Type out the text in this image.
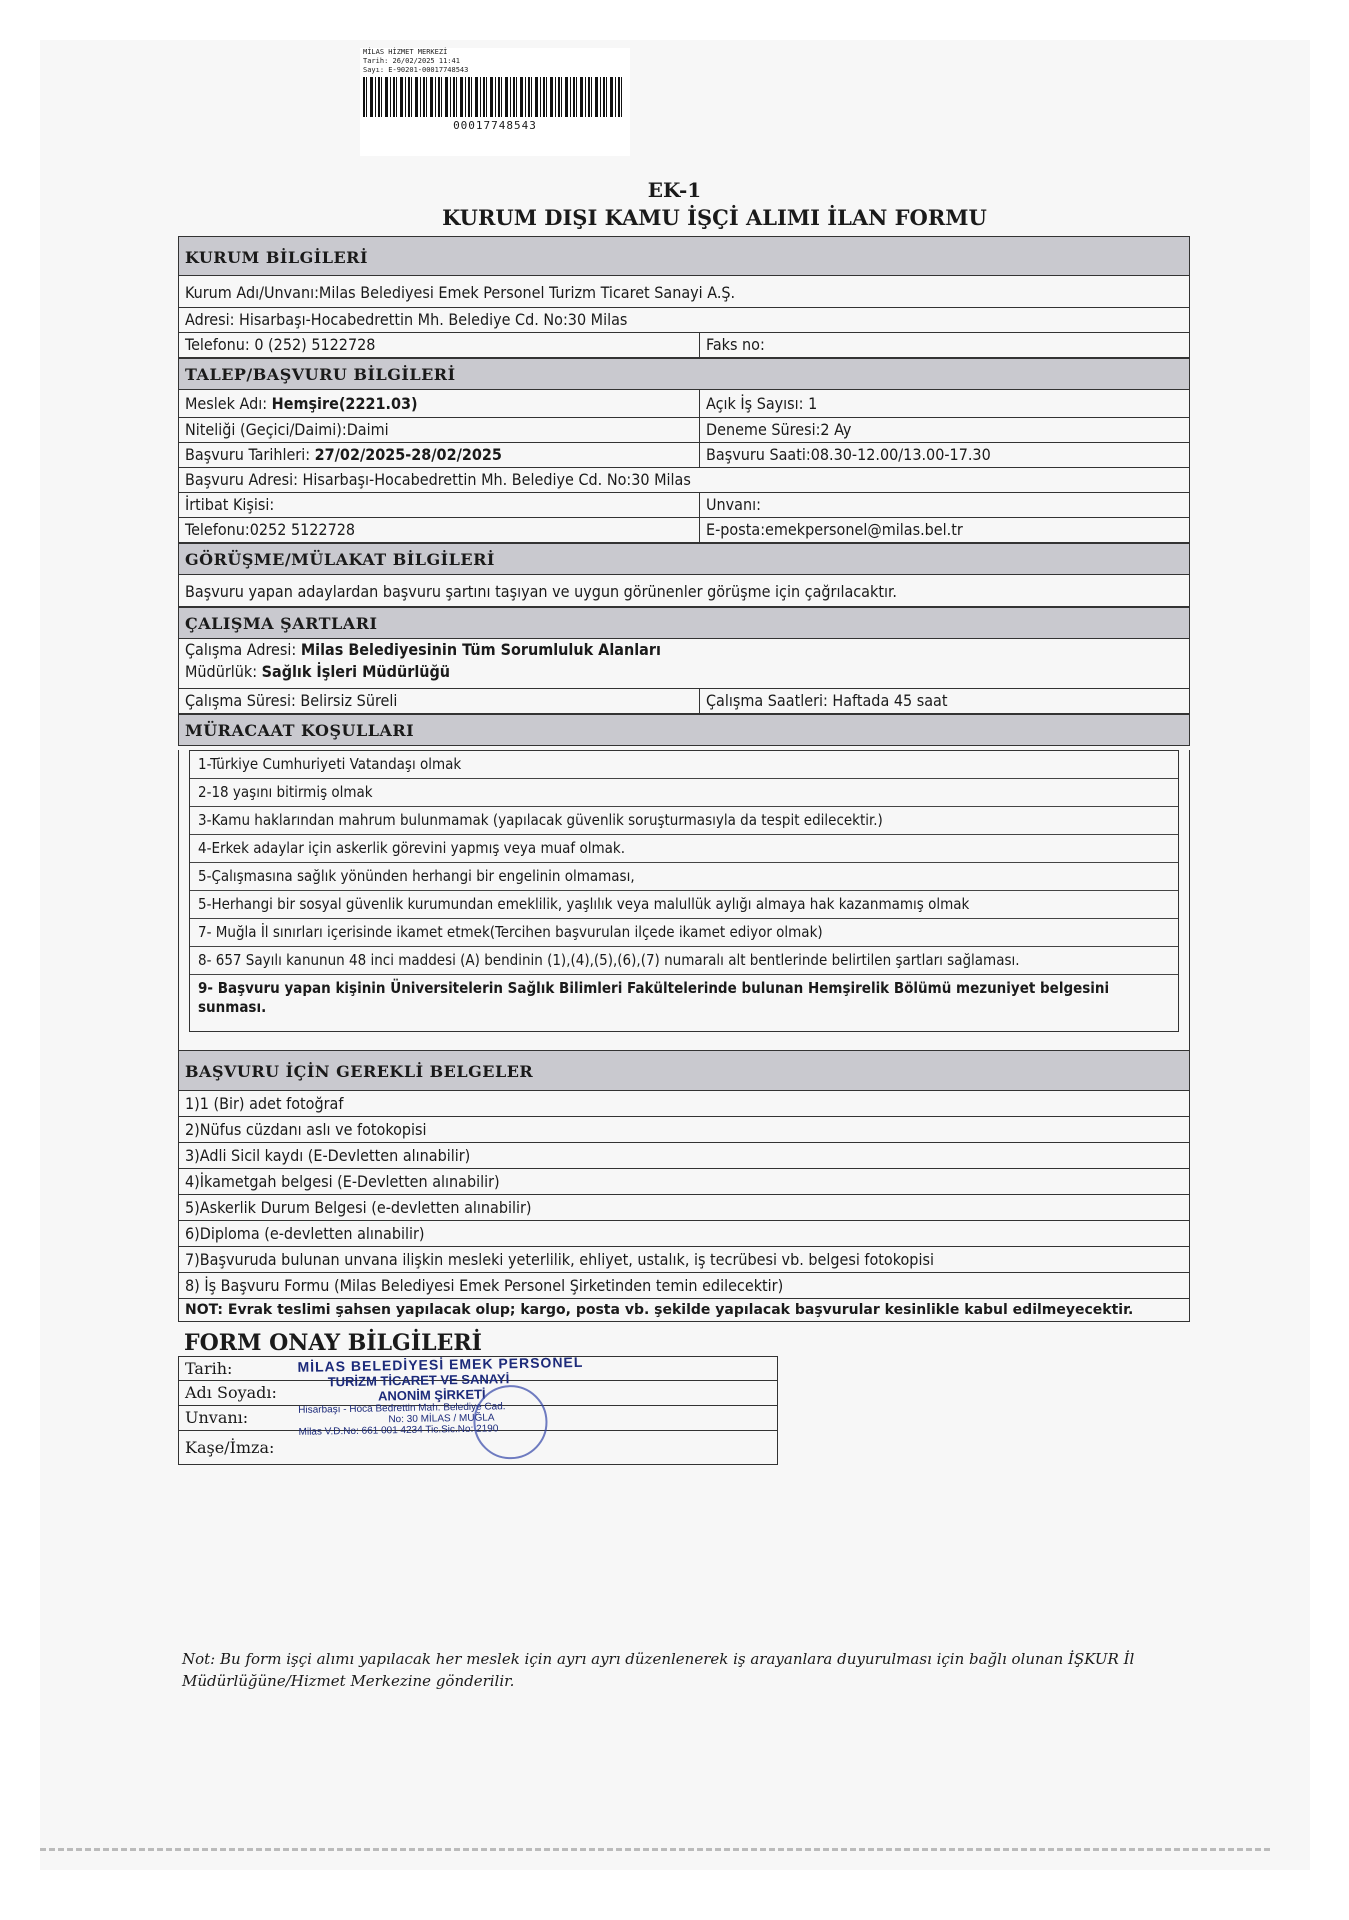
MİLAS HİZMET MERKEZİ
Tarih: 26/02/2025 11:41
Sayı: E-90201-00017748543
00017748543
EK-1
KURUM DIŞI KAMU İŞÇİ ALIMI İLAN FORMU
KURUM BİLGİLERİ
Kurum Adı/Unvanı:Milas Belediyesi Emek Personel Turizm Ticaret Sanayi A.Ş.
Adresi: Hisarbaşı-Hocabedrettin Mh. Belediye Cd. No:30 Milas
Telefonu: 0 (252) 5122728	Faks no:
TALEP/BAŞVURU BİLGİLERİ
Meslek Adı: Hemşire(2221.03)	Açık İş Sayısı: 1
Niteliği (Geçici/Daimi):Daimi	Deneme Süresi:2 Ay
Başvuru Tarihleri: 27/02/2025-28/02/2025	Başvuru Saati:08.30-12.00/13.00-17.30
Başvuru Adresi: Hisarbaşı-Hocabedrettin Mh. Belediye Cd. No:30 Milas
İrtibat Kişisi:	Unvanı:
Telefonu:0252 5122728	E-posta:emekpersonel@milas.bel.tr
GÖRÜŞME/MÜLAKAT BİLGİLERİ
Başvuru yapan adaylardan başvuru şartını taşıyan ve uygun görünenler görüşme için çağrılacaktır.
ÇALIŞMA ŞARTLARI
Çalışma Adresi: Milas Belediyesinin Tüm Sorumluluk Alanları
Müdürlük: Sağlık İşleri Müdürlüğü
Çalışma Süresi: Belirsiz Süreli	Çalışma Saatleri: Haftada 45 saat
MÜRACAAT KOŞULLARI
1-Türkiye Cumhuriyeti Vatandaşı olmak
2-18 yaşını bitirmiş olmak
3-Kamu haklarından mahrum bulunmamak (yapılacak güvenlik soruşturmasıyla da tespit edilecektir.)
4-Erkek adaylar için askerlik görevini yapmış veya muaf olmak.
5-Çalışmasına sağlık yönünden herhangi bir engelinin olmaması,
5-Herhangi bir sosyal güvenlik kurumundan emeklilik, yaşlılık veya malullük aylığı almaya hak kazanmamış olmak
7- Muğla İl sınırları içerisinde ikamet etmek(Tercihen başvurulan ilçede ikamet ediyor olmak)
8- 657 Sayılı kanunun 48 inci maddesi (A) bendinin (1),(4),(5),(6),(7) numaralı alt bentlerinde belirtilen şartları sağlaması.
9- Başvuru yapan kişinin Üniversitelerin Sağlık Bilimleri Fakültelerinde bulunan Hemşirelik Bölümü mezuniyet belgesini sunması.
BAŞVURU İÇİN GEREKLİ BELGELER
1)1 (Bir) adet fotoğraf
2)Nüfus cüzdanı aslı ve fotokopisi
3)Adli Sicil kaydı (E-Devletten alınabilir)
4)İkametgah belgesi (E-Devletten alınabilir)
5)Askerlik Durum Belgesi (e-devletten alınabilir)
6)Diploma (e-devletten alınabilir)
7)Başvuruda bulunan unvana ilişkin mesleki yeterlilik, ehliyet, ustalık, iş tecrübesi vb. belgesi fotokopisi
8) İş Başvuru Formu (Milas Belediyesi Emek Personel Şirketinden temin edilecektir)
NOT: Evrak teslimi şahsen yapılacak olup; kargo, posta vb. şekilde yapılacak başvurular kesinlikle kabul edilmeyecektir.
FORM ONAY BİLGİLERİ
Tarih:
Adı Soyadı:
Unvanı:
Kaşe/İmza:
MİLAS BELEDİYESİ EMEK PERSONEL
TURİZM TİCARET VE SANAYİ
ANONİM ŞİRKETİ
Hisarbaşı - Hoca Bedrettin Mah. Belediye Cad.
No: 30 MİLAS / MUĞLA
Milas V.D.No: 661 001 4234 Tic.Sic.No: 2190
Not: Bu form işçi alımı yapılacak her meslek için ayrı ayrı düzenlenerek iş arayanlara duyurulması için bağlı olunan İŞKUR İl Müdürlüğüne/Hizmet Merkezine gönderilir.
